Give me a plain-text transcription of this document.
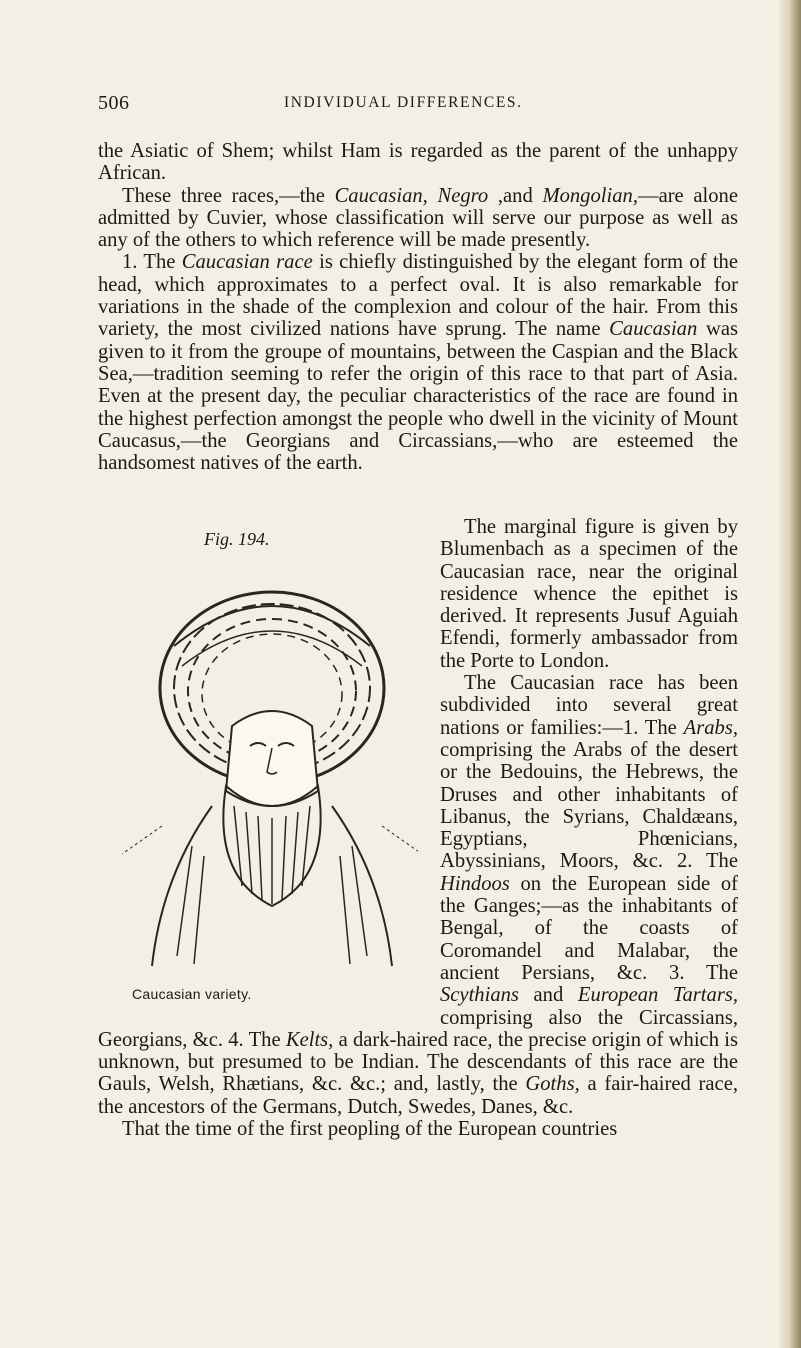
506	INDIVIDUAL DIFFERENCES.

the Asiatic of Shem; whilst Ham is regarded as the parent of the unhappy African.

These three races,—the Caucasian, Negro ,and Mongolian,—are alone admitted by Cuvier, whose classification will serve our purpose as well as any of the others to which reference will be made presently.

1. The Caucasian race is chiefly distinguished by the elegant form of the head, which approximates to a perfect oval. It is also remarkable for variations in the shade of the complexion and colour of the hair. From this variety, the most civilized nations have sprung. The name Caucasian was given to it from the groupe of mountains, between the Caspian and the Black Sea,—tradition seeming to refer the origin of this race to that part of Asia. Even at the present day, the peculiar characteristics of the race are found in the highest perfection amongst the people who dwell in the vicinity of Mount Caucasus,—the Georgians and Circassians,—who are esteemed the handsomest natives of the earth.

Fig. 194.
Caucasian variety.

The marginal figure is given by Blumenbach as a specimen of the Caucasian race, near the original residence whence the epithet is derived. It represents Jusuf Aguiah Efendi, formerly ambassador from the Porte to London.

The Caucasian race has been subdivided into several great nations or families:—1. The Arabs, comprising the Arabs of the desert or the Bedouins, the Hebrews, the Druses and other inhabitants of Libanus, the Syrians, Chaldæans, Egyptians, Phœnicians, Abyssinians, Moors, &c. 2. The Hindoos on the European side of the Ganges;—as the inhabitants of Bengal, of the coasts of Coromandel and Malabar, the ancient Persians, &c. 3. The Scythians and European Tartars, comprising also the Circassians, Georgians, &c. 4. The Kelts, a dark-haired race, the precise origin of which is unknown, but presumed to be Indian. The descendants of this race are the Gauls, Welsh, Rhætians, &c. &c.; and, lastly, the Goths, a fair-haired race, the ancestors of the Germans, Dutch, Swedes, Danes, &c.

That the time of the first peopling of the European countries
